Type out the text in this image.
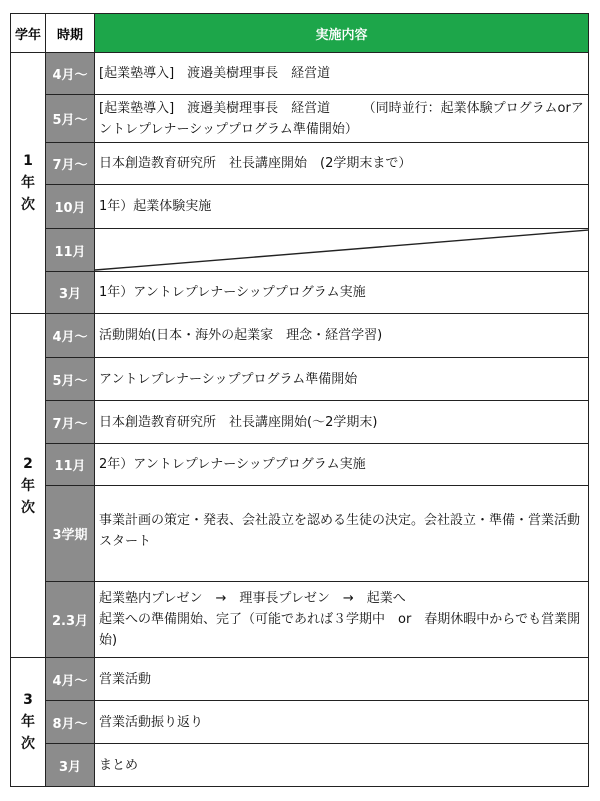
学年	時期	実施内容

1
年
次	4月～	[起業塾導入]　渡邉美樹理事長　経営道
	5月～	[起業塾導入]　渡邉美樹理事長　経営道　　　（同時並行：起業体験プログラムorアントレプレナーシッププログラム準備開始）
	7月～	日本創造教育研究所　社長講座開始　(2学期末まで）
	10月	1年）起業体験実施
	11月	

	3月	1年）アントレプレナーシッププログラム実施

2
年
次	4月～	活動開始(日本・海外の起業家　理念・経営学習)
	5月～	アントレプレナーシッププログラム準備開始
	7月～	日本創造教育研究所　社長講座開始(～2学期末)
	11月	2年）アントレプレナーシッププログラム実施
	3学期	事業計画の策定・発表、会社設立を認める生徒の決定。会社設立・準備・営業活動スタート
	2.3月	起業塾内プレゼン　→　理事長プレゼン　→　起業へ
起業への準備開始、完了（可能であれば３学期中　or　春期休暇中からでも営業開始)

3
年
次	4月～	営業活動
	8月～	営業活動振り返り
	3月	まとめ
